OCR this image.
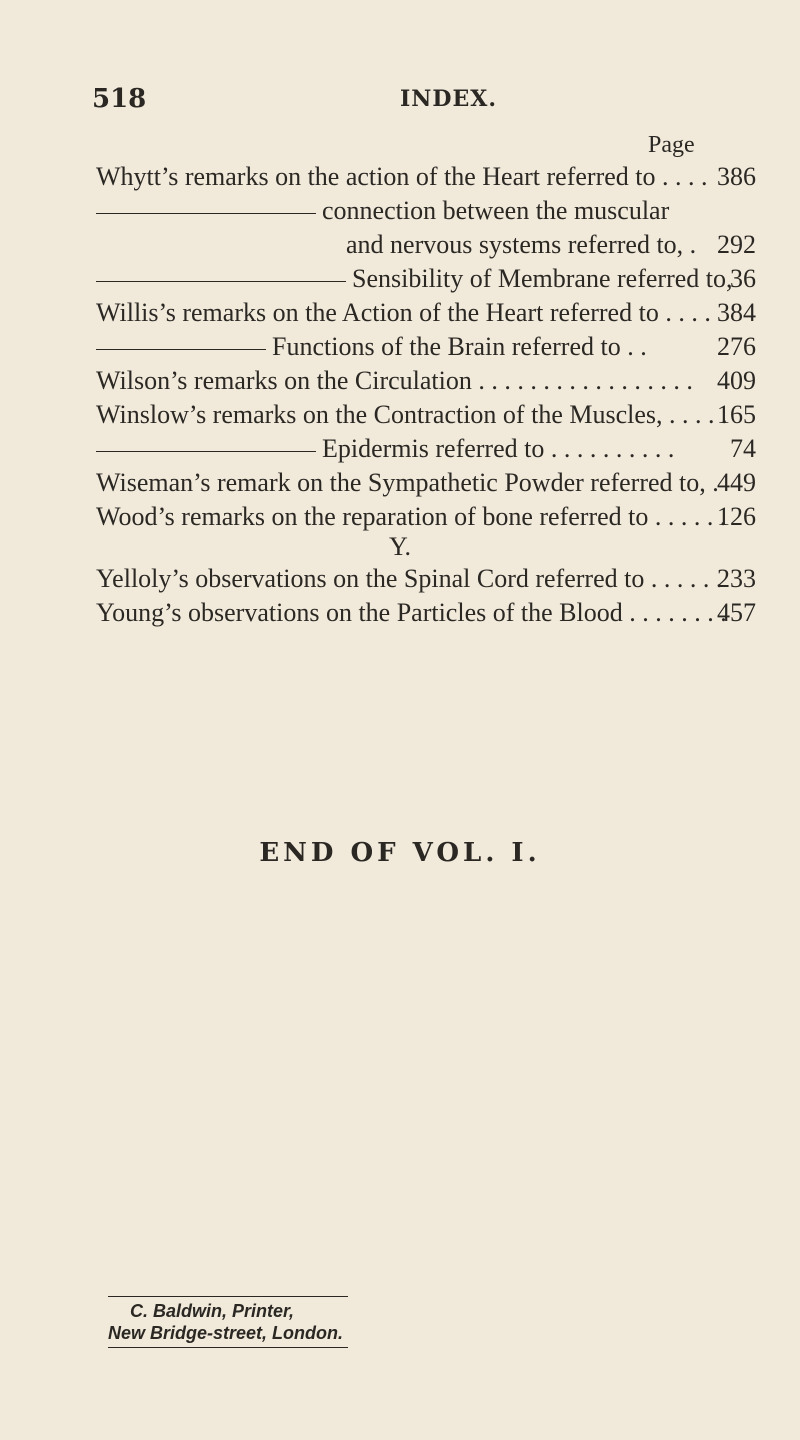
518	INDEX.
Page
Whytt’s remarks on the action of the Heart referred to . . . . 386
connection between the muscular
and nervous systems referred to, . 292
Sensibility of Membrane referred to,
36
Willis’s remarks on the Action of the Heart referred to . . . . 384
Functions of the Brain referred to . .	276
Wilson’s remarks on the Circulation . . . . . . . . . . . . . . . . . 409
Winslow’s remarks on the Contraction of the Muscles, . . . . .
165
Epidermis referred to . . . . . . . . . . 74
Wiseman’s remark on the Sympathetic Powder referred to, .
449
Wood’s remarks on the reparation of bone referred to . . . . . .
126
Y.
Yelloly’s observations on the Spinal Cord referred to . . . . . .
233
Young’s observations on the Particles of the Blood . . . . . . . .
457
END OF VOL. I.
C. Baldwin, Printer,
New Bridge-street, London.
